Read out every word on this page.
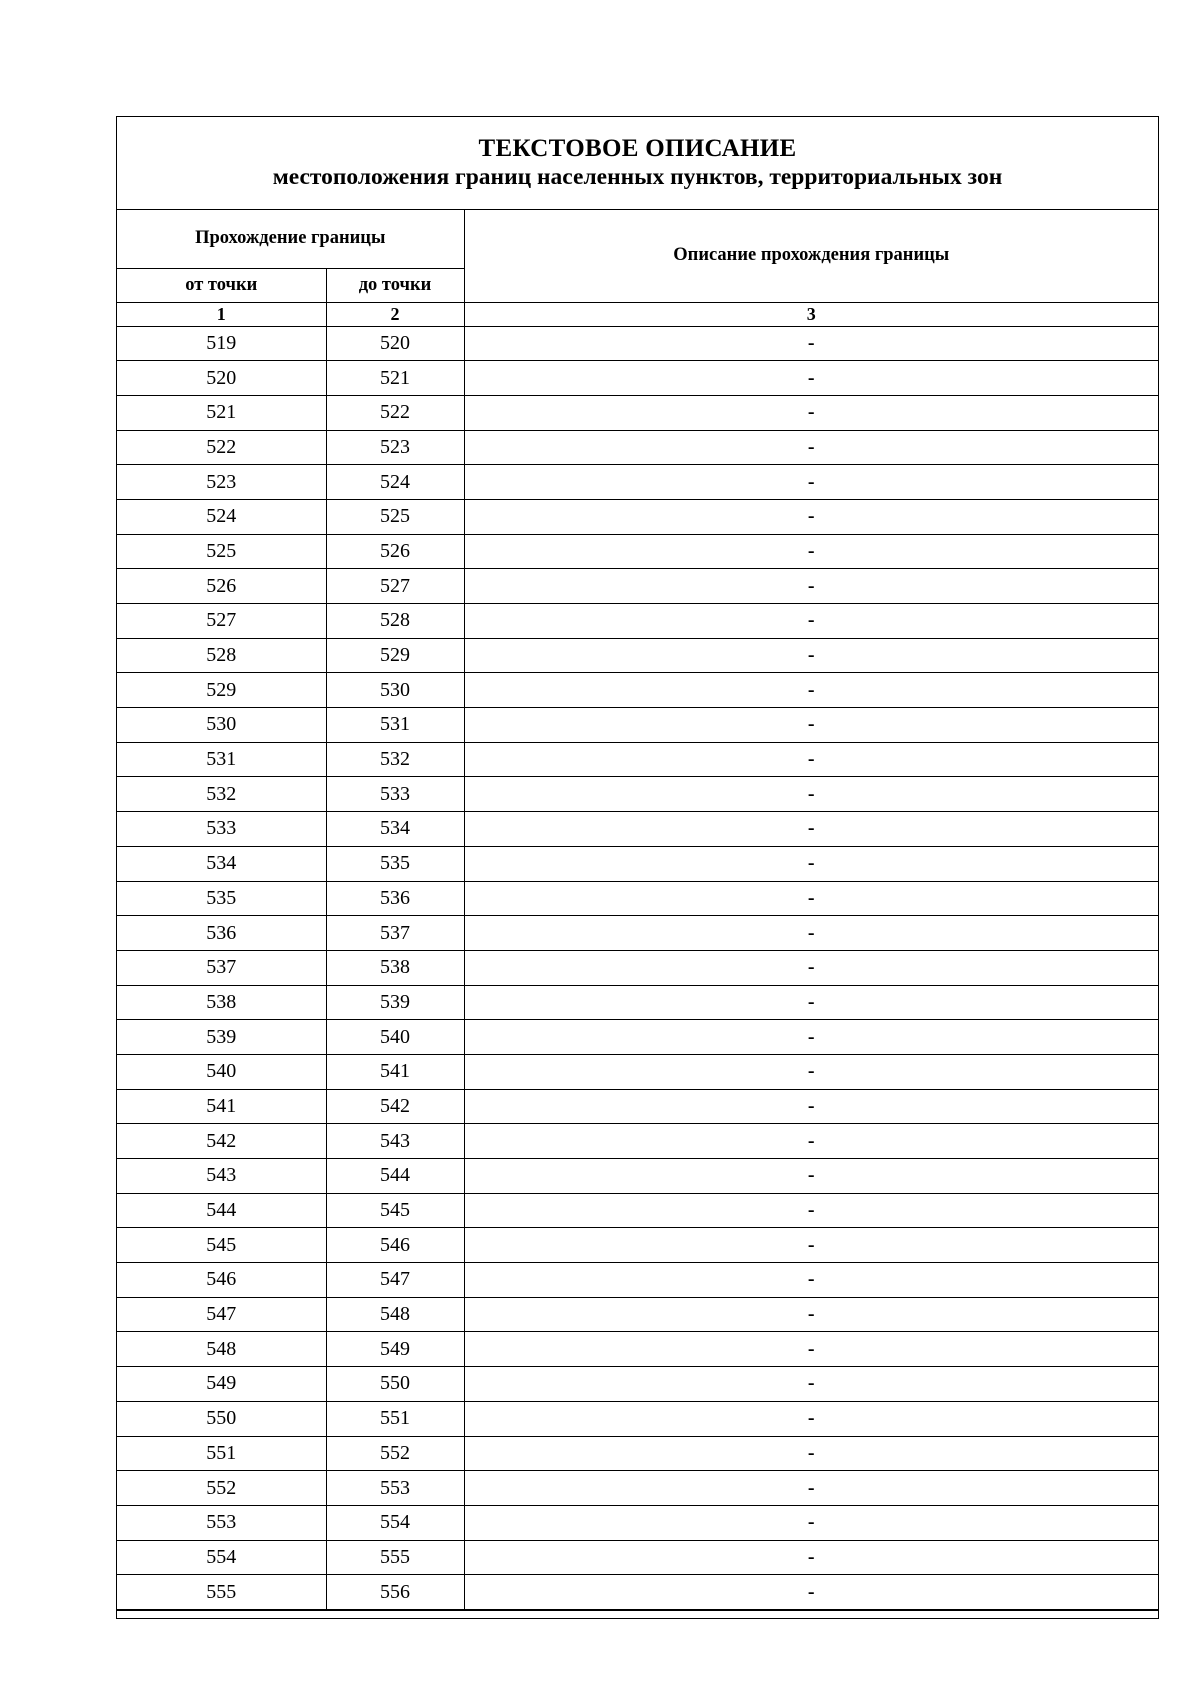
ТЕКСТОВОЕ ОПИСАНИЕ
местоположения границ населенных пунктов, территориальных зон
Прохождение границы		Описание прохождения границы
от точки	до точки	
1	2	3
519	520	-
520	521	-
521	522	-
522	523	-
523	524	-
524	525	-
525	526	-
526	527	-
527	528	-
528	529	-
529	530	-
530	531	-
531	532	-
532	533	-
533	534	-
534	535	-
535	536	-
536	537	-
537	538	-
538	539	-
539	540	-
540	541	-
541	542	-
542	543	-
543	544	-
544	545	-
545	546	-
546	547	-
547	548	-
548	549	-
549	550	-
550	551	-
551	552	-
552	553	-
553	554	-
554	555	-
555	556	-
